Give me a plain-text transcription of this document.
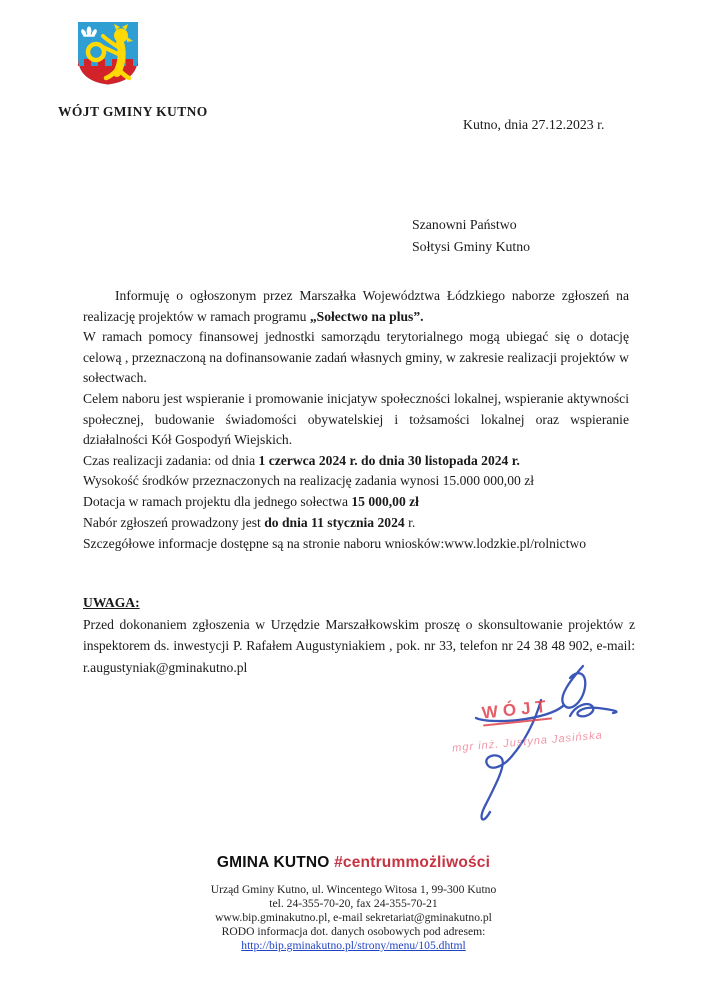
WÓJT GMINY KUTNO
Kutno, dnia 27.12.2023 r.
Szanowni Państwo
Sołtysi Gminy Kutno

Informuję o ogłoszonym przez Marszałka Województwa Łódzkiego naborze zgłoszeń na realizację projektów w ramach programu „Sołectwo na plus”.

W ramach pomocy finansowej jednostki samorządu terytorialnego mogą ubiegać się o dotację celową , przeznaczoną na dofinansowanie zadań własnych gminy, w zakresie realizacji projektów w sołectwach.

Celem naboru jest wspieranie i promowanie inicjatyw społeczności lokalnej, wspieranie aktywności społecznej, budowanie świadomości obywatelskiej i tożsamości lokalnej oraz wspieranie działalności Kół Gospodyń Wiejskich.

Czas realizacji zadania: od dnia 1 czerwca 2024 r. do dnia 30 listopada 2024 r.

Wysokość środków przeznaczonych na realizację zadania wynosi 15.000 000,00 zł

Dotacja w ramach projektu dla jednego sołectwa 15 000,00 zł

Nabór zgłoszeń prowadzony jest do dnia 11 stycznia 2024 r.

Szczegółowe informacje dostępne są na stronie naboru wniosków:www.lodzkie.pl/rolnictwo
UWAGA:

Przed dokonaniem zgłoszenia w Urzędzie Marszałkowskim proszę o skonsultowanie projektów z inspektorem ds. inwestycji P. Rafałem Augustyniakiem , pok. nr 33, telefon nr 24 38 48 902, e-mail: r.augustyniak@gminakutno.pl

WÓJT
mgr inż. Justyna Jasińska
GMINA KUTNO #centrummożliwości
Urząd Gminy Kutno, ul. Wincentego Witosa 1, 99-300 Kutno
tel. 24-355-70-20, fax 24-355-70-21
www.bip.gminakutno.pl, e-mail sekretariat@gminakutno.pl
RODO informacja dot. danych osobowych pod adresem:
http://bip.gminakutno.pl/strony/menu/105.dhtml
